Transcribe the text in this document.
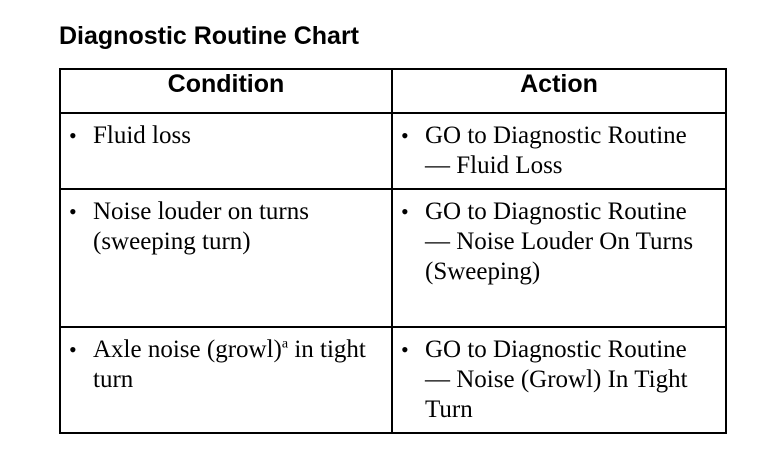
Diagnostic Routine Chart
Condition	Action

• Fluid loss	• GO to Diagnostic Routine — Fluid Loss

• Noise louder on turns (sweeping turn)	• GO to Diagnostic Routine — Noise Louder On Turns (Sweeping)

• Axle noise (growl)$^a$ in tight turn	• GO to Diagnostic Routine — Noise (Growl) In Tight Turn
